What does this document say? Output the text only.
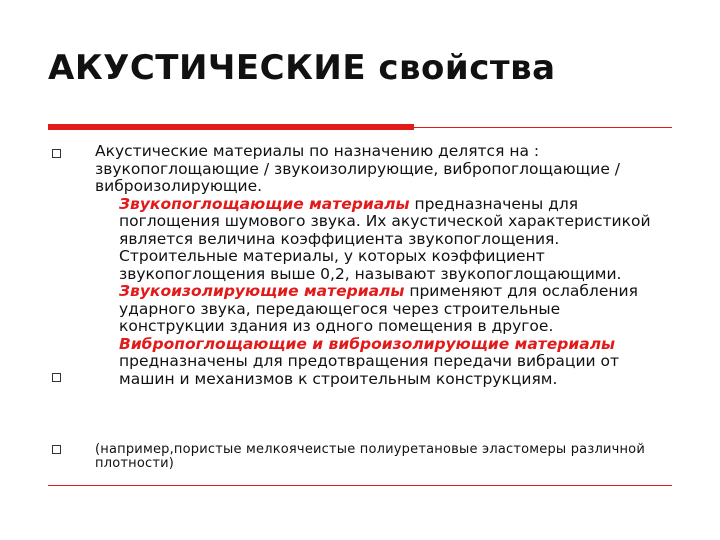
АКУСТИЧЕСКИЕ свойства

Акустические материалы по назначению делятся на : звукопоглощающие / звукоизолирующие, вибропоглощающие / виброизолирующие.

Звукопоглощающие материалы предназначены для поглощения шумового звука. Их акустической характеристикой является величина коэффициента звукопоглощения. Строительные материалы, у которых коэффициент звукопоглощения выше 0,2, называют звукопоглощающими.

Звукоизолирующие материалы применяют для ослабления ударного звука, передающегося через строительные конструкции здания из одного помещения в другое.

Вибропоглощающие и виброизолирующие материалы предназначены для предотвращения передачи вибрации от машин и механизмов к строительным конструкциям.

(например,пористые мелкоячеистые полиуретановые эластомеры различной плотности)
